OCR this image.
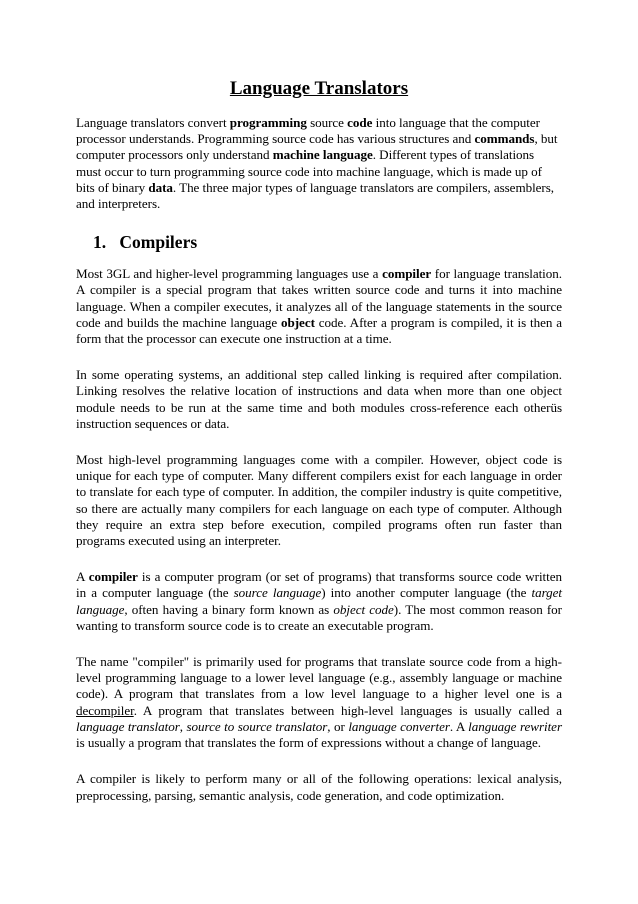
Language Translators

Language translators convert programming source code into language that the computer processor understands. Programming source code has various structures and commands, but computer processors only understand machine language. Different types of translations must occur to turn programming source code into machine language, which is made up of bits of binary data. The three major types of language translators are compilers, assemblers, and interpreters.

1. Compilers

Most 3GL and higher-level programming languages use a compiler for language translation. A compiler is a special program that takes written source code and turns it into machine language. When a compiler executes, it analyzes all of the language statements in the source code and builds the machine language object code. After a program is compiled, it is then a form that the processor can execute one instruction at a time.

In some operating systems, an additional step called linking is required after compilation. Linking resolves the relative location of instructions and data when more than one object module needs to be run at the same time and both modules cross-reference each otherüs instruction sequences or data.

Most high-level programming languages come with a compiler. However, object code is unique for each type of computer. Many different compilers exist for each language in order to translate for each type of computer. In addition, the compiler industry is quite competitive, so there are actually many compilers for each language on each type of computer. Although they require an extra step before execution, compiled programs often run faster than programs executed using an interpreter.

A compiler is a computer program (or set of programs) that transforms source code written in a computer language (the source language) into another computer language (the target language, often having a binary form known as object code). The most common reason for wanting to transform source code is to create an executable program.

The name "compiler" is primarily used for programs that translate source code from a high-level programming language to a lower level language (e.g., assembly language or machine code). A program that translates from a low level language to a higher level one is a decompiler. A program that translates between high-level languages is usually called a language translator, source to source translator, or language converter. A language rewriter is usually a program that translates the form of expressions without a change of language.

A compiler is likely to perform many or all of the following operations: lexical analysis, preprocessing, parsing, semantic analysis, code generation, and code optimization.
